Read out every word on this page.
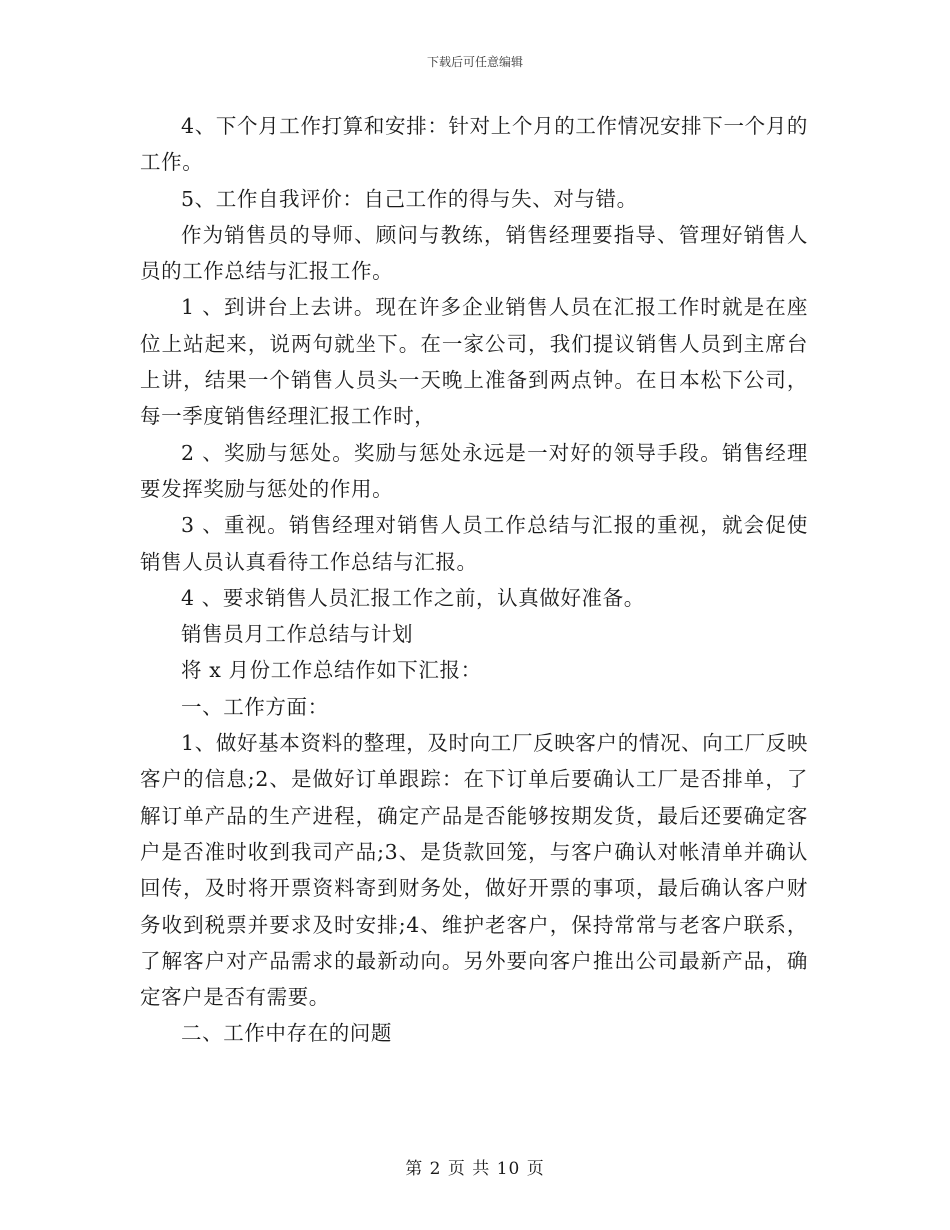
下载后可任意编辑

4、下个月工作打算和安排：针对上个月的工作情况安排下一个月的工作。

5、工作自我评价：自己工作的得与失、对与错。

作为销售员的导师、顾问与教练，销售经理要指导、管理好销售人员的工作总结与汇报工作。

1 、到讲台上去讲。现在许多企业销售人员在汇报工作时就是在座位上站起来，说两句就坐下。在一家公司，我们提议销售人员到主席台上讲，结果一个销售人员头一天晚上准备到两点钟。在日本松下公司，每一季度销售经理汇报工作时，

2 、奖励与惩处。奖励与惩处永远是一对好的领导手段。销售经理要发挥奖励与惩处的作用。

3 、重视。销售经理对销售人员工作总结与汇报的重视，就会促使销售人员认真看待工作总结与汇报。

4 、要求销售人员汇报工作之前，认真做好准备。

销售员月工作总结与计划

将 x 月份工作总结作如下汇报：

一、工作方面：

1、做好基本资料的整理，及时向工厂反映客户的情况、向工厂反映客户的信息;2、是做好订单跟踪：在下订单后要确认工厂是否排单，了解订单产品的生产进程，确定产品是否能够按期发货，最后还要确定客户是否准时收到我司产品;3、是货款回笼，与客户确认对帐清单并确认回传，及时将开票资料寄到财务处，做好开票的事项，最后确认客户财务收到税票并要求及时安排;4、维护老客户，保持常常与老客户联系，了解客户对产品需求的最新动向。另外要向客户推出公司最新产品，确定客户是否有需要。

二、工作中存在的问题

第 2 页 共 10 页
